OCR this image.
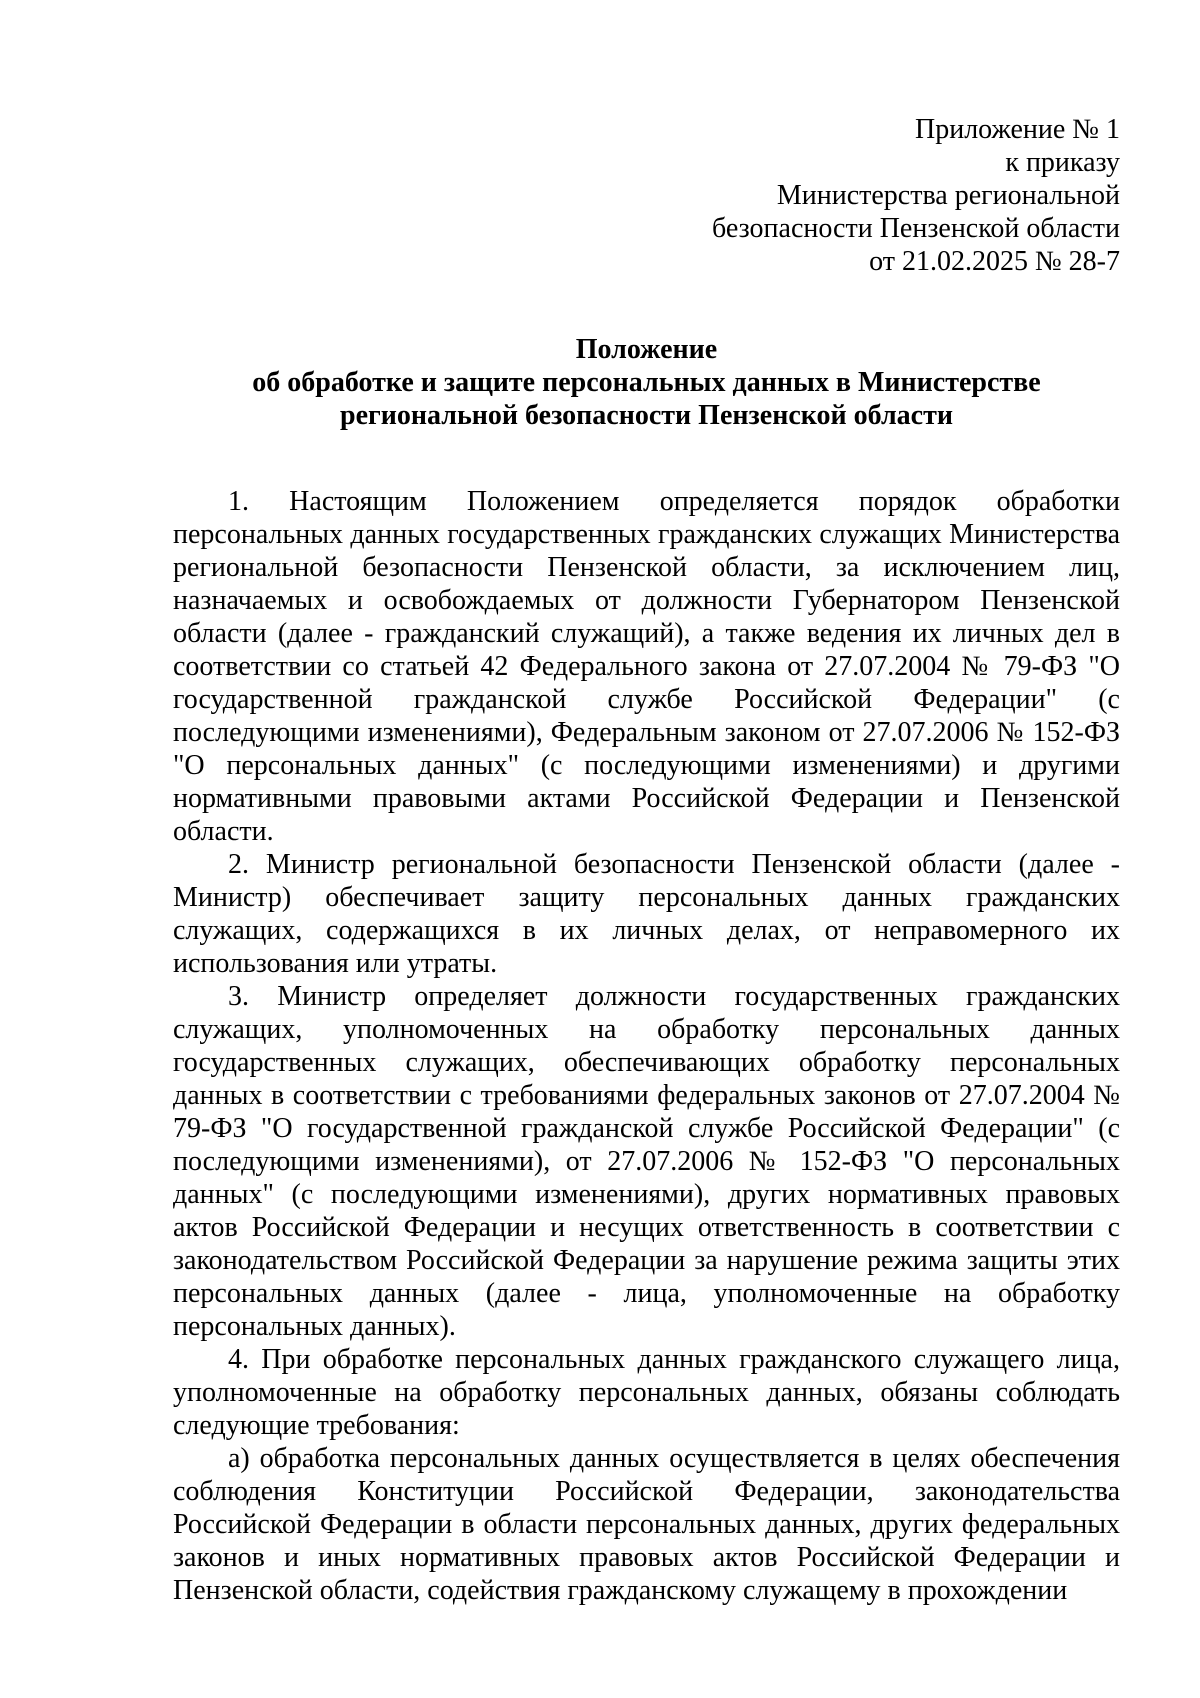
Приложение № 1
к приказу
Министерства региональной
безопасности Пензенской области
от 21.02.2025 № 28-7
Положение
об обработке и защите персональных данных в Министерстве
региональной безопасности Пензенской области

1. Настоящим Положением определяется порядок обработки персональных данных государственных гражданских служащих Министерства региональной безопасности Пензенской области, за исключением лиц, назначаемых и освобождаемых от должности Губернатором Пензенской области (далее - гражданский служащий), а также ведения их личных дел в соответствии со статьей 42 Федерального закона от 27.07.2004 № 79-ФЗ "О государственной гражданской службе Российской Федерации" (с последующими изменениями), Федеральным законом от 27.07.2006 № 152-ФЗ "О персональных данных" (с последующими изменениями) и другими нормативными правовыми актами Российской Федерации и Пензенской области.

2. Министр региональной безопасности Пензенской области (далее - Министр) обеспечивает защиту персональных данных гражданских служащих, содержащихся в их личных делах, от неправомерного их использования или утраты.

3. Министр определяет должности государственных гражданских служащих, уполномоченных на обработку персональных данных государственных служащих, обеспечивающих обработку персональных данных в соответствии с требованиями федеральных законов от 27.07.2004 № 79-ФЗ "О государственной гражданской службе Российской Федерации" (с последующими изменениями), от 27.07.2006 № 152-ФЗ "О персональных данных" (с последующими изменениями), других нормативных правовых актов Российской Федерации и несущих ответственность в соответствии с законодательством Российской Федерации за нарушение режима защиты этих персональных данных (далее - лица, уполномоченные на обработку персональных данных).

4. При обработке персональных данных гражданского служащего лица, уполномоченные на обработку персональных данных, обязаны соблюдать следующие требования:

а) обработка персональных данных осуществляется в целях обеспечения соблюдения Конституции Российской Федерации, законодательства Российской Федерации в области персональных данных, других федеральных законов и иных нормативных правовых актов Российской Федерации и Пензенской области, содействия гражданскому служащему в прохождении
